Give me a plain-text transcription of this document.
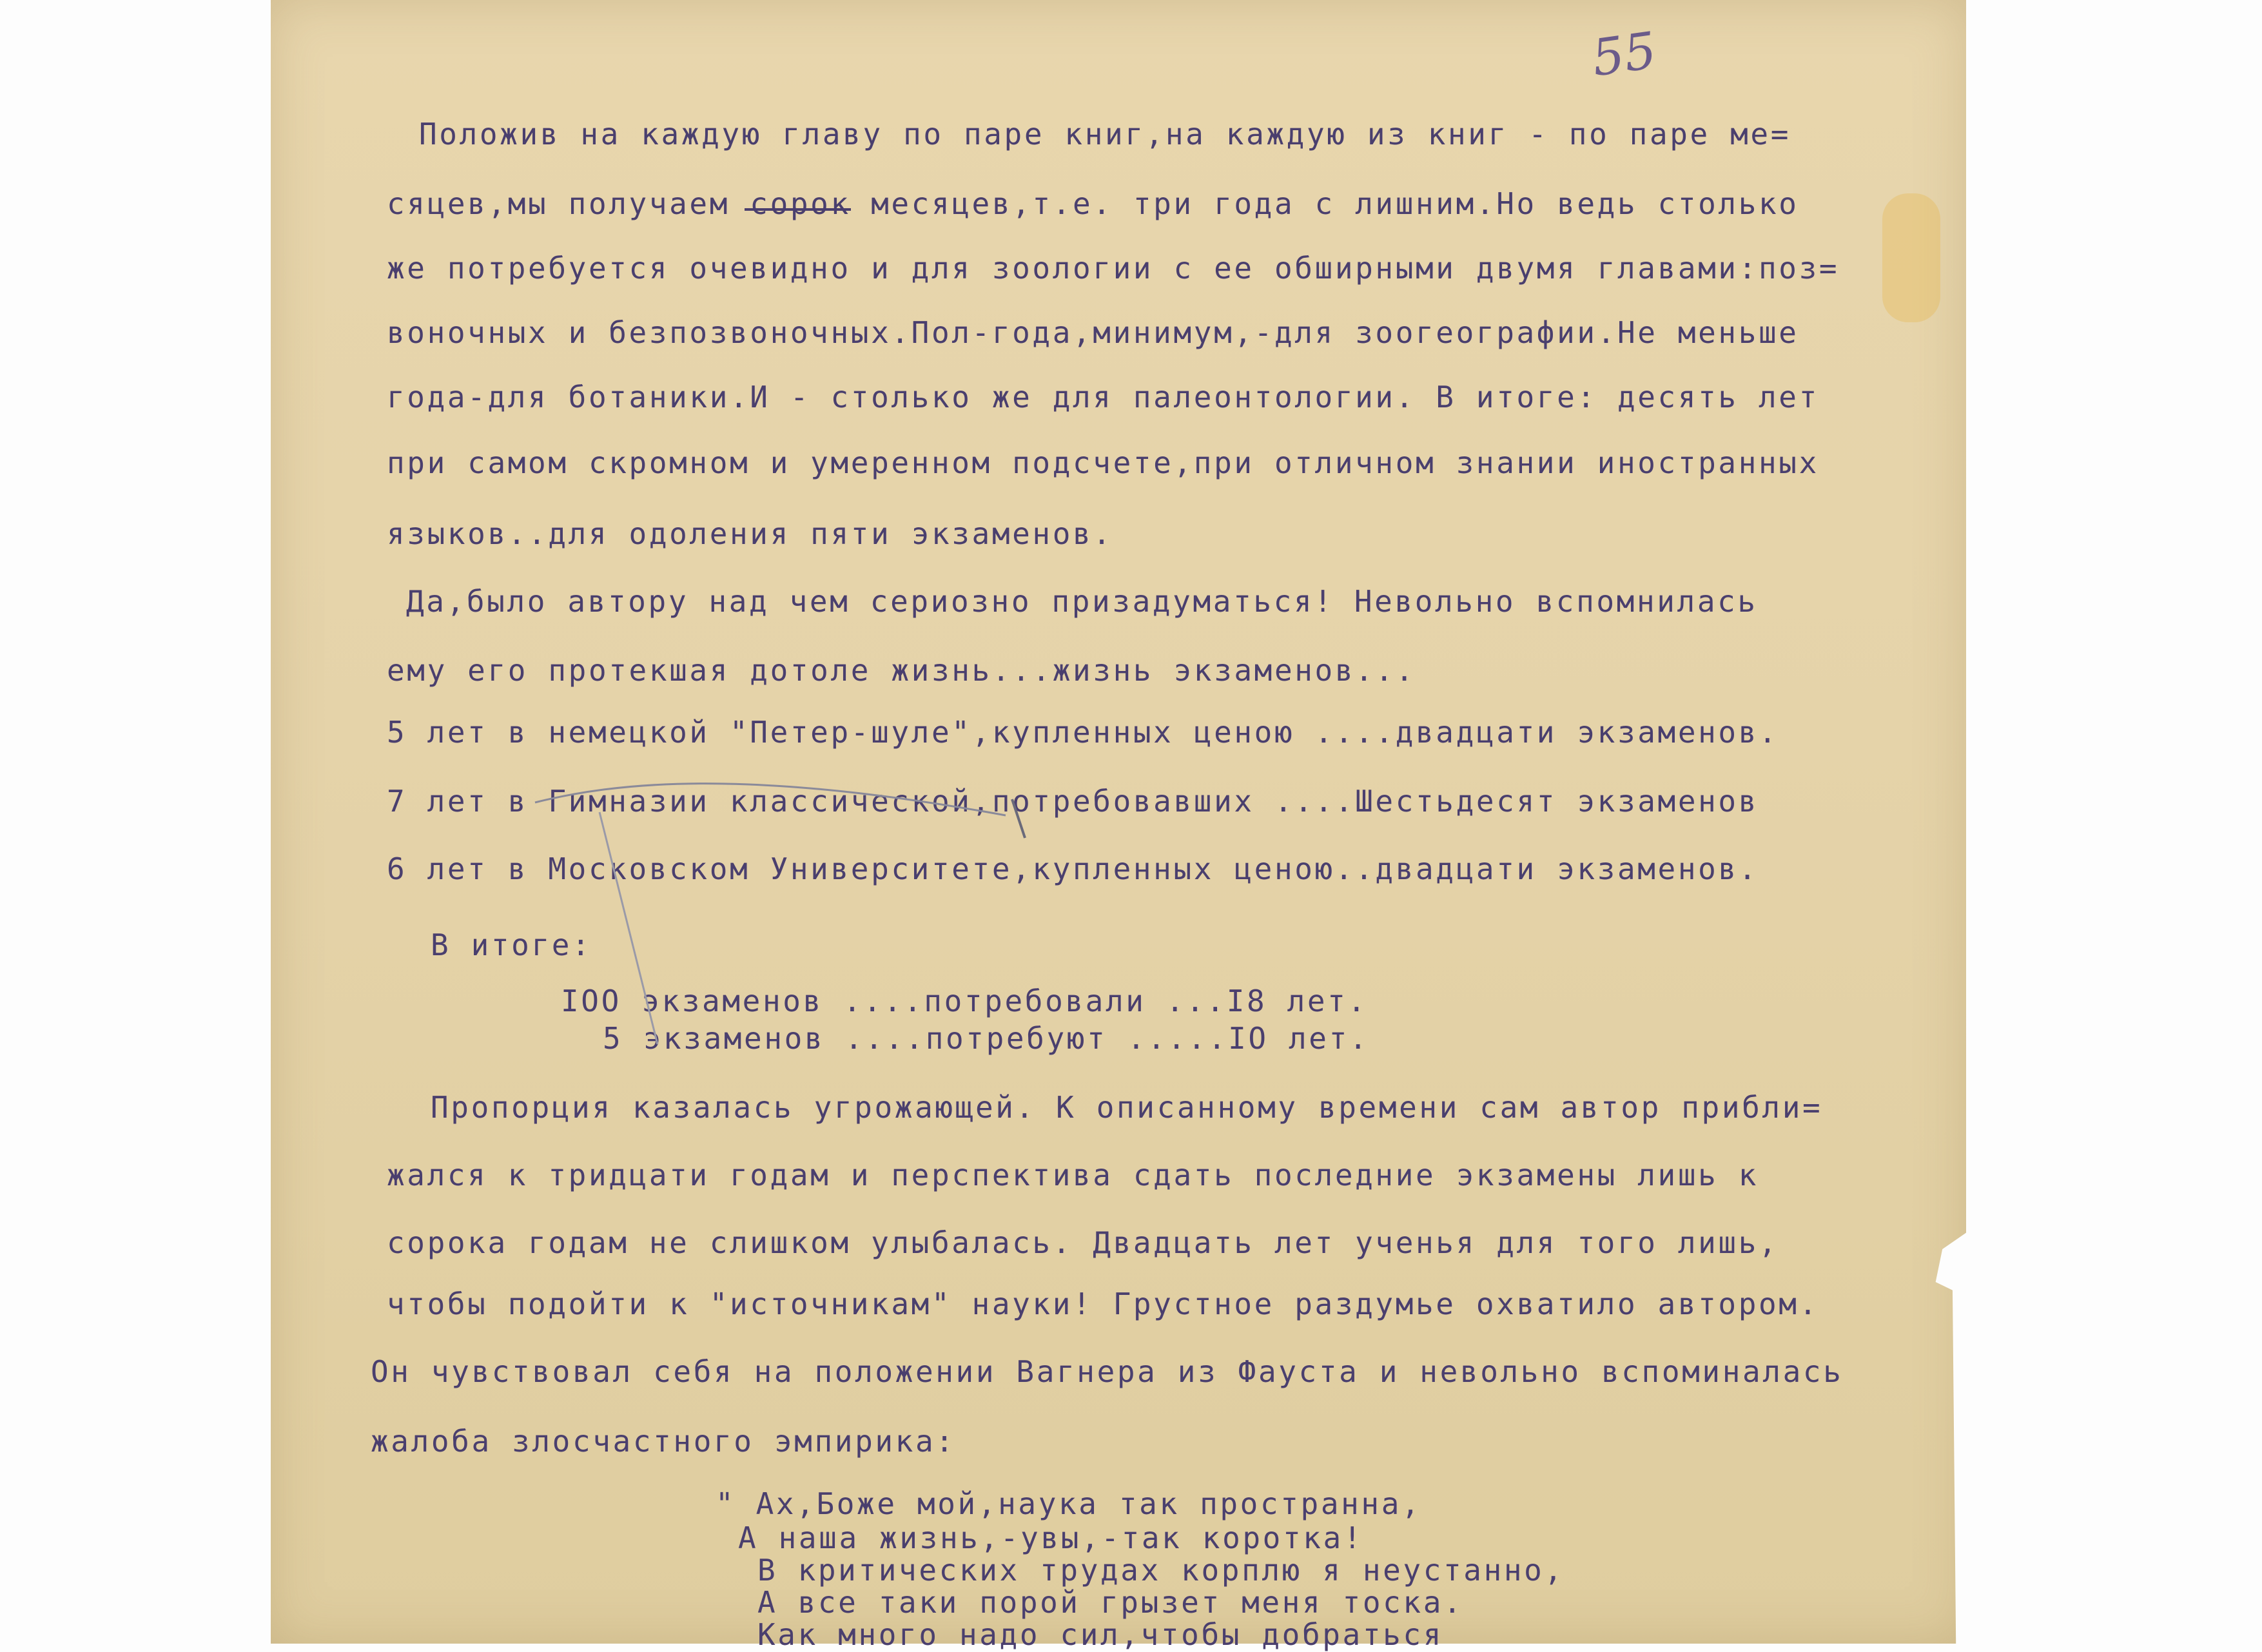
55
Положив на каждую главу по паре книг,на каждую из книг - по паре ме=
сяцев,мы получаем сорок месяцев,т.е. три года с лишним.Но ведь столько
же потребуется очевидно и для зоологии с ее обширными двумя главами:поз=
воночных и безпозвоночных.Пол-года,минимум,-для зоогеографии.Не меньше
года-для ботаники.И - столько же для палеонтологии. В итоге: десять лет
при самом скромном и умеренном подсчете,при отличном знании иностранных
языков..для одоления пяти экзаменов.
Да,было автору над чем сериозно призадуматься! Невольно вспомнилась
ему его протекшая дотоле жизнь...жизнь экзаменов...
5 лет в немецкой "Петер-шуле",купленных ценою ....двадцати экзаменов.
7 лет в Гимназии классической,потребовавших ....Шестьдесят экзаменов
6 лет в Московском Университете,купленных ценою..двадцати экзаменов.
В итоге:
IOO экзаменов ....потребовали ...I8 лет.
5 экзаменов ....потребуют .....IO лет.
Пропорция казалась угрожающей. К описанному времени сам автор прибли=
жался к тридцати годам и перспектива сдать последние экзамены лишь к
сорока годам не слишком улыбалась. Двадцать лет ученья для того лишь,
чтобы подойти к "источникам" науки! Грустное раздумье охватило автором.
Он чувствовал себя на положении Вагнера из Фауста и невольно вспоминалась
жалоба злосчастного эмпирика:
" Ах,Боже мой,наука так пространна,
А наша жизнь,-увы,-так коротка!
В критических трудах корплю я неустанно,
А все таки порой грызет меня тоска.
Как много надо сил,чтобы добраться
